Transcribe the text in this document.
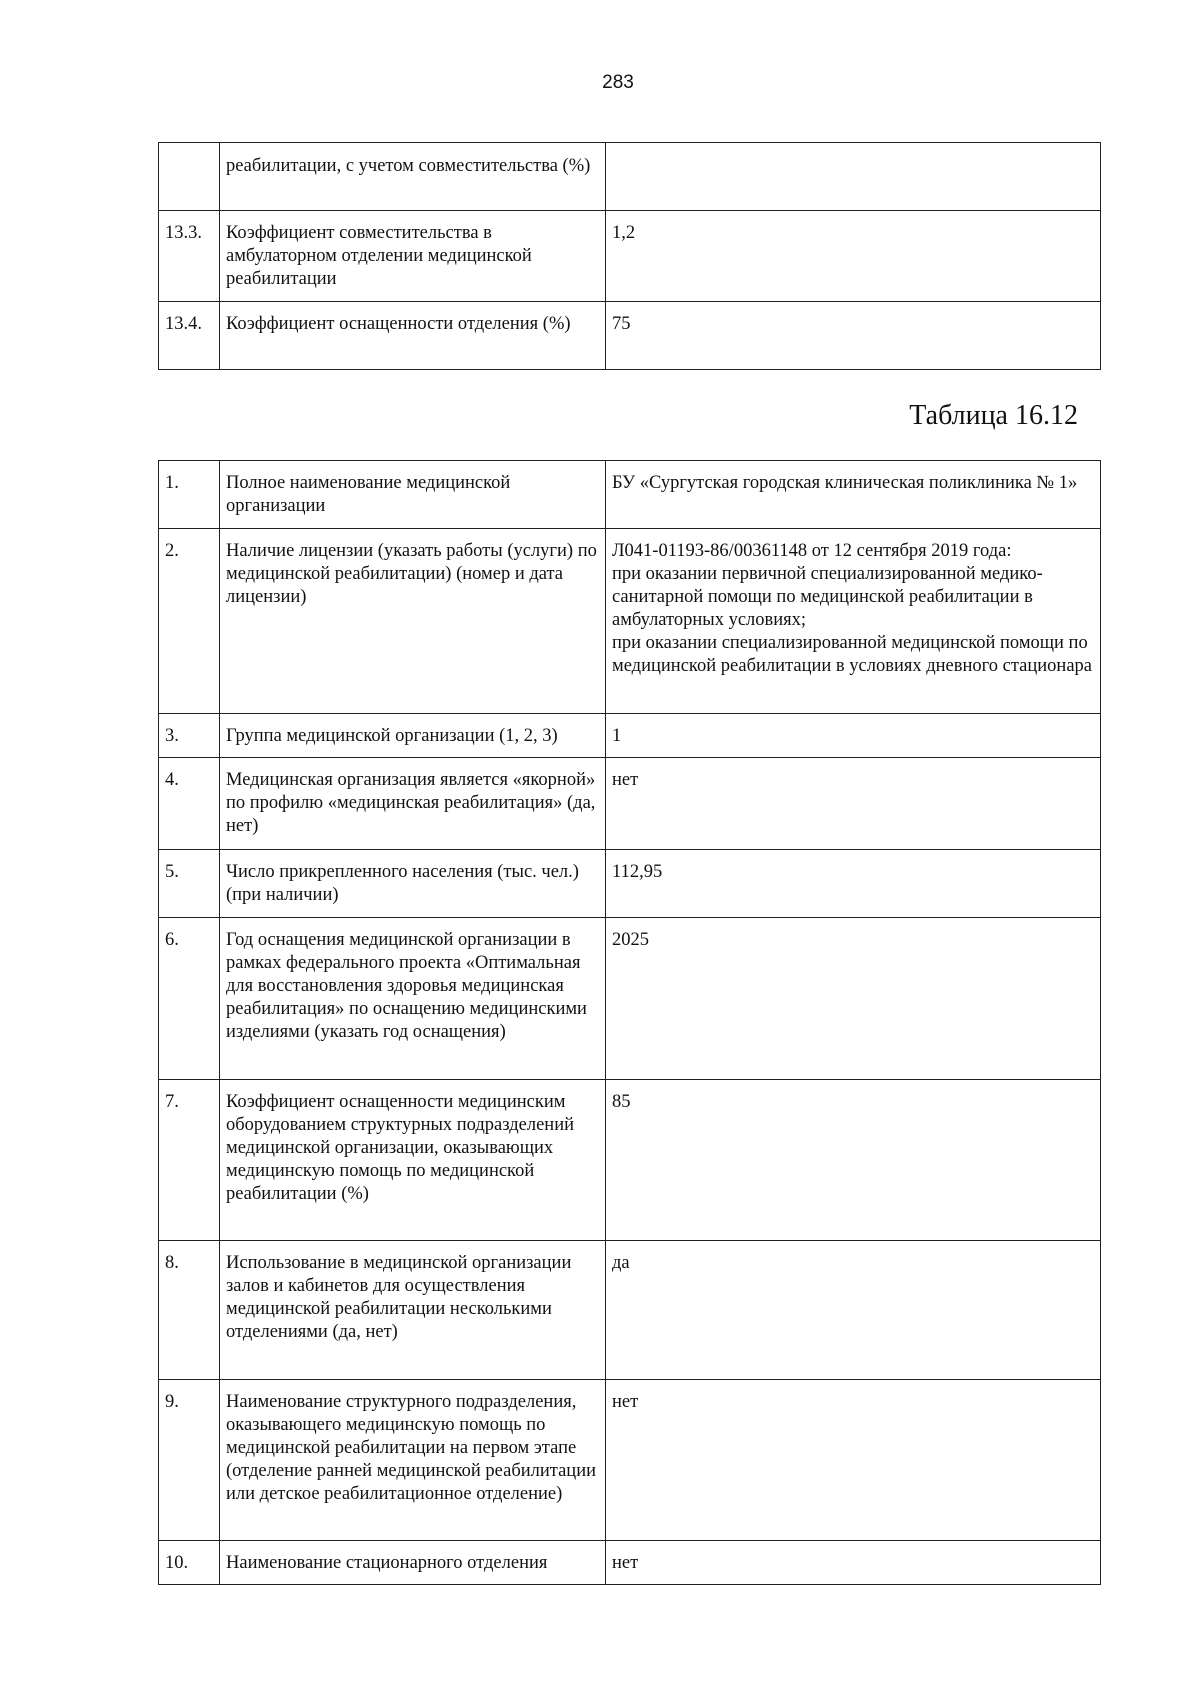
283
	реабилитации, с учетом совместительства (%)	
13.3.	Коэффициент совместительства в амбулаторном отделении медицинской реабилитации	1,2
13.4.	Коэффициент оснащенности отделения (%)	75
Таблица 16.12
1.	Полное наименование медицинской организации	БУ «Сургутская городская клиническая поликлиника № 1»
2.	Наличие лицензии (указать работы (услуги) по медицинской реабилитации) (номер и дата лицензии)	Л041-01193-86/00361148 от 12 сентября 2019 года:
при оказании первичной специализированной медико-санитарной помощи по медицинской реабилитации в амбулаторных условиях;
при оказании специализированной медицинской помощи по медицинской реабилитации в условиях дневного стационара
3.	Группа медицинской организации (1, 2, 3)	1
4.	Медицинская организация является «якорной» по профилю «медицинская реабилитация» (да, нет)	нет
5.	Число прикрепленного населения (тыс. чел.) (при наличии)	112,95
6.	Год оснащения медицинской организации в рамках федерального проекта «Оптимальная для восстановления здоровья медицинская реабилитация» по оснащению медицинскими изделиями (указать год оснащения)	2025
7.	Коэффициент оснащенности медицинским оборудованием структурных подразделений медицинской организации, оказывающих медицинскую помощь по медицинской реабилитации (%)	85
8.	Использование в медицинской организации залов и кабинетов для осуществления медицинской реабилитации несколькими отделениями (да, нет)	да
9.	Наименование структурного подразделения, оказывающего медицинскую помощь по медицинской реабилитации на первом этапе (отделение ранней медицинской реабилитации или детское реабилитационное отделение)	нет
10.	Наименование стационарного отделения	нет
